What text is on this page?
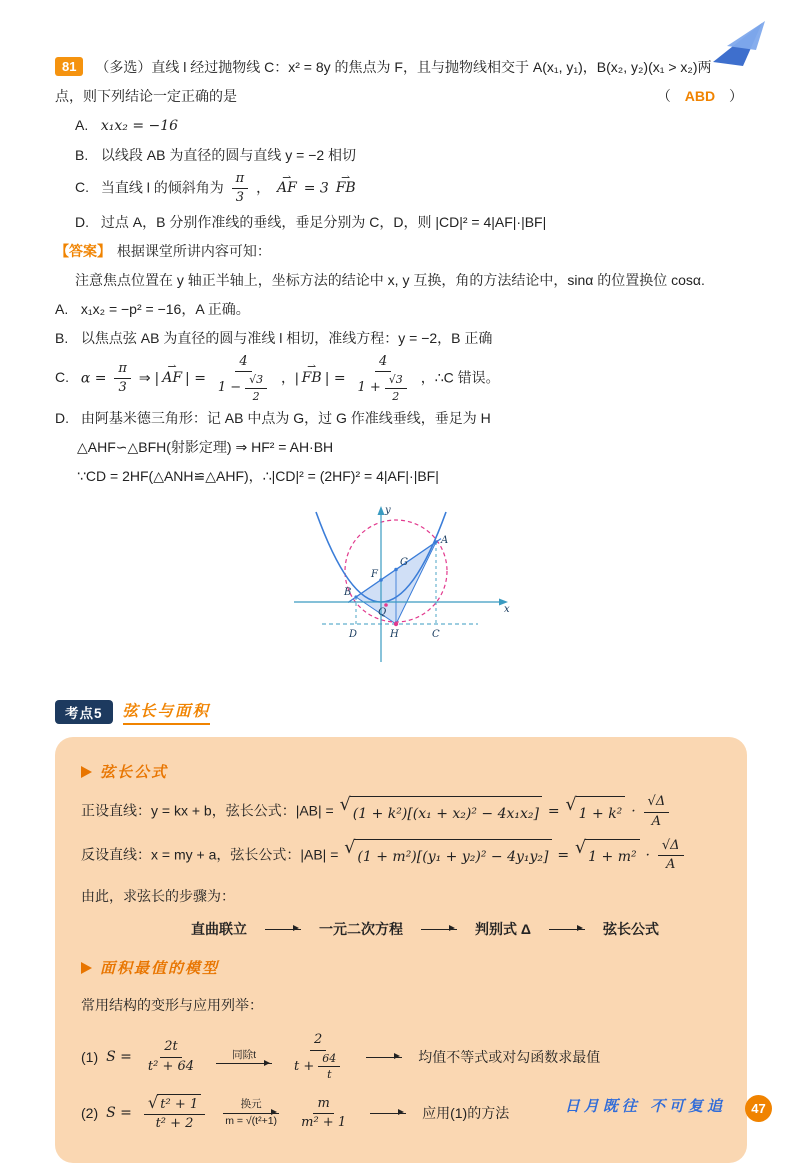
81 （多选）直线 l 经过抛物线 C：x² = 8y 的焦点为 F，且与抛物线相交于 A(x₁, y₁)，B(x₂, y₂)(x₁ > x₂)两
点，则下列结论一定正确的是	（ ABD ）
A. x₁x₂ = −16
B. 以线段 AB 为直径的圆与直线 y = −2 相切
C. 当直线 l 的倾斜角为 $\frac{\pi}{3}$ ， AF ⇀ = 3 FB ⇀
D. 过点 A，B 分别作准线的垂线，垂足分别为 C，D，则 |CD|² = 4|AF|·|BF|
【答案】 根据课堂所讲内容可知：
注意焦点位置在 y 轴正半轴上，坐标方法的结论中 x, y 互换，角的方法结论中，sinα 的位置换位 cosα.
A. x₁x₂ = −p² = −16，A 正确。
B. 以焦点弦 AB 为直径的圆与准线 l 相切，准线方程：y = −2，B 正确
C. $\alpha = \frac{\pi}{3}$ ⇒ | AF ⇀ | = $\frac{4}{1 - \frac{√3}{2}}$ ，| FB ⇀ | = $\frac{4}{1 + \frac{√3}{2}}$ ，∴C 错误。
D. 由阿基米德三角形：记 AB 中点为 G，过 G 作准线垂线，垂足为 H
△AHF∽△BFH(射影定理) ⇒ HF² = AH·BH
∵CD = 2HF(△ANH≌△AHF)，∴|CD|² = (2HF)² = 4|AF|·|BF|
y
x
A
B
F
G
D	H	C
Q
考点5	弦长与面积
弦长公式
正设直线：y = kx + b，弦长公式：|AB| = √ (1 + k²)[(x₁ + x₂)² − 4x₁x₂] = √ $1 + k^2 \cdot \frac{√\Delta}{A}$
反设直线：x = my + a，弦长公式：|AB| = √ (1 + m²)[(y₁ + y₂)² − 4y₁y₂] = √ $1 + m^2 \cdot \frac{√\Delta}{A}$
由此，求弦长的步骤为：
直曲联立	一元二次方程	判别式 Δ	弦长公式
面积最值的模型
常用结构的变形与应用列举：
(1) $S = \frac{2t}{\text{t² + 64}}$	同除t	$\frac{2}{t + \frac{64}{t}}$	均值不等式或对勾函数求最值
(2) $S = \frac{\text{√ t² + 1}}{\text{t² + 2}}$	换元
$m = √(t^2+1) \frac{m}{\text{m² + 1}}$	应用(1)的方法	日月既往 不可复追	47
